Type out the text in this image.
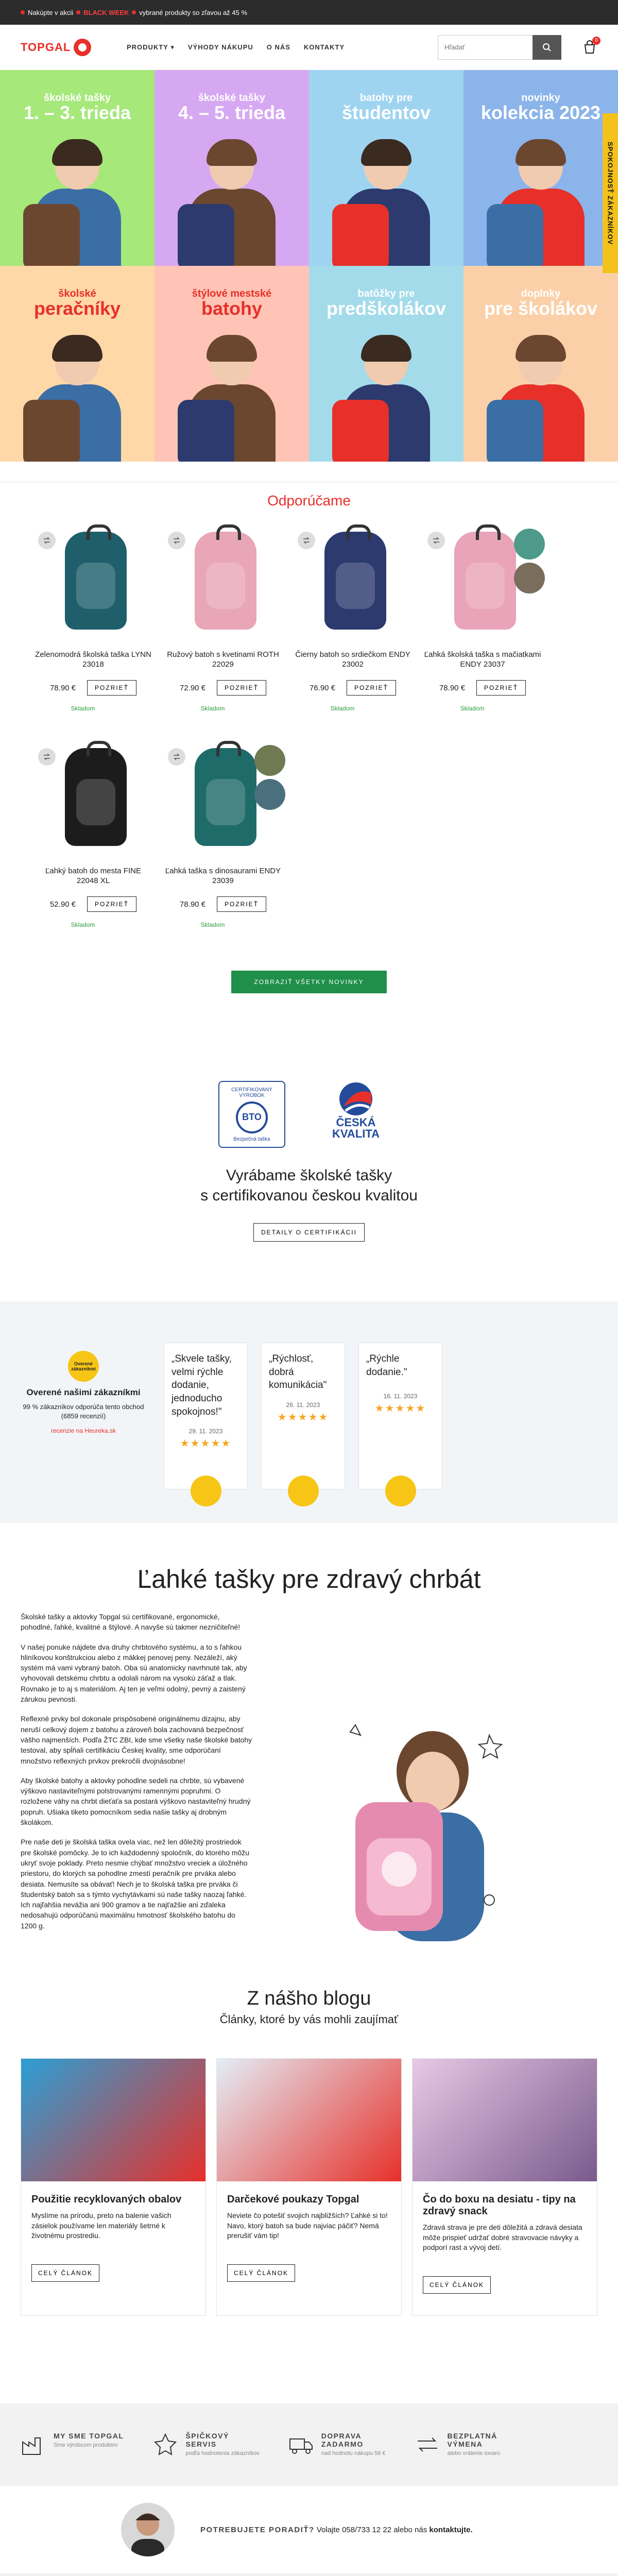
Nakúpte v akcii BLACK WEEK vybrané produkty so zľavou až 45 %
TOPGAL	PRODUKTY ▾	VÝHODY NÁKUPU O NÁS KONTAKTY
Hľadať
0
školské tašky
1. – 3. trieda
školské tašky
4. – 5. trieda
batohy pre
študentov
novinky
kolekcia 2023
školské
peračníky
štýlové mestské
batohy
batôžky pre
predškolákov
doplnky
pre školákov
SPOKOJNOSŤ ZÁKAZNÍKOV
Odporúčame
Zelenomodrá školská taška LYNN 23018
78.90 €	POZRIEŤ
Skladom
Ružový batoh s kvetinami ROTH 22029
72.90 €	POZRIEŤ
Skladom
Čierny batoh so srdiečkom ENDY 23002
76.90 €	POZRIEŤ
Skladom
Ľahká školská taška s mačiatkami ENDY 23037
78.90 €	POZRIEŤ
Skladom
Ľahký batoh do mesta FINE 22048 XL
52.90 €	POZRIEŤ
Skladom
Ľahká taška s dinosaurami ENDY 23039
78.90 €	POZRIEŤ
Skladom
ZOBRAZIŤ VŠETKY NOVINKY
CERTIFIKOVANÝ VÝROBOK
BTO
Bezpečná taška
ČESKÁ
KVALITA
Vyrábame školské tašky
s certifikovanou českou kvalitou
DETAILY O CERTIFIKÁCII
Overené zákazníkmi
Overené našimi zákazníkmi
99 % zákazníkov odporúča tento obchod (6859 recenzií)
recenzie na Heureka.sk
„Skvele tašky, velmi rýchle dodanie, jednoducho spokojnos!"
29. 11. 2023
★★★★★
„Rýchlosť, dobrá komunikácia"
26. 11. 2023
★★★★★
„Rýchle dodanie."
16. 11. 2023
★★★★★
Ľahké tašky pre zdravý chrbát

Školské tašky a aktovky Topgal sú certifikované, ergonomické, pohodlné, ľahké, kvalitné a štýlové. A navyše sú takmer nezničiteľné!

V našej ponuke nájdete dva druhy chrbtového systému, a to s ľahkou hliníkovou konštrukciou alebo z mäkkej penovej peny. Nezáleží, aký systém má vami vybraný batoh. Oba sú anatomicky navrhnuté tak, aby vyhovovali detskému chrbtu a odolali nárom na vysokú záťaž a tlak. Rovnako je to aj s materiálom. Aj ten je veľmi odolný, pevný a zaistený zárukou pevnosti.

Reflexné prvky bol dokonale prispôsobené originálnemu dizajnu, aby neruší celkový dojem z batohu a zároveň bola zachovaná bezpečnosť vášho najmenších. Podľa ŽTC ZBI, kde sme všetky naše školské batohy testoval, aby spĺňali certifikáciu Českej kvality, sme odporúčaní množstvo reflexných prvkov prekročili dvojnásobne!

Aby školské batohy a aktovky pohodlne sedeli na chrbte, sú vybavené výškovo nastaviteľnými polstrovanými ramennými popruhmi. O rozložene váhy na chrbt dieťaťa sa postará výškovo nastaviteľný hrudný popruh. Ušiaka tiketo pomocníkom sedia našie tašky aj drobným školákom.

Pre naše deti je školská taška ovela viac, než len dôležitý prostriedok pre školské pomôcky. Je to ich každodenný spoločník, do ktorého môžu ukryť svoje poklady. Preto nesmie chýbať množstvo vreciek a úložného priestoru, do ktorých sa pohodlne zmestí peračník pre prváka alebo desiata. Nemusíte sa obávať! Nech je to školská taška pre prváka či študentský batoh sa s týmto vychytávkami sú naše tašky naozaj ľahké. Ich najľahšia nevážia ani 900 gramov a tie najťažšie ani zďaleka nedosahujú odporúčanú maximálnu hmotnosť školského batohu do 1200 g.

Z nášho blogu
Články, ktoré by vás mohli zaujímať
Použitie recyklovaných obalov

Myslíme na prírodu, preto na balenie vašich zásielok používame len materiály šetrné k životnému prostrediu.

CELÝ ČLÁNOK
Darčekové poukazy Topgal

Neviete čo potešiť svojich najbližších? Ľahké si to! Navo, ktorý batoh sa bude najviac páčiť? Nemá prerušiť vám tip!

CELÝ ČLÁNOK
Čo do boxu na desiatu - tipy na zdravý snack

Zdravá strava je pre deti dôležitá a zdravá desiata môže prispieť udržať dobré stravovacie návyky a podporí rast a vývoj detí.

CELÝ ČLÁNOK
MY SME TOPGAL
Sme výrobcom produktov
ŠPIČKOVÝ
SERVIS
podľa hodnotenia zákazníkov
DOPRAVA
ZADARMO
nad hodnotu nákupu 56 €
BEZPLATNÁ
VÝMENA
alebo vrátenie tovaru
POTREBUJETE PORADIŤ? Volajte 058/733 12 22 alebo nás kontaktujte.
